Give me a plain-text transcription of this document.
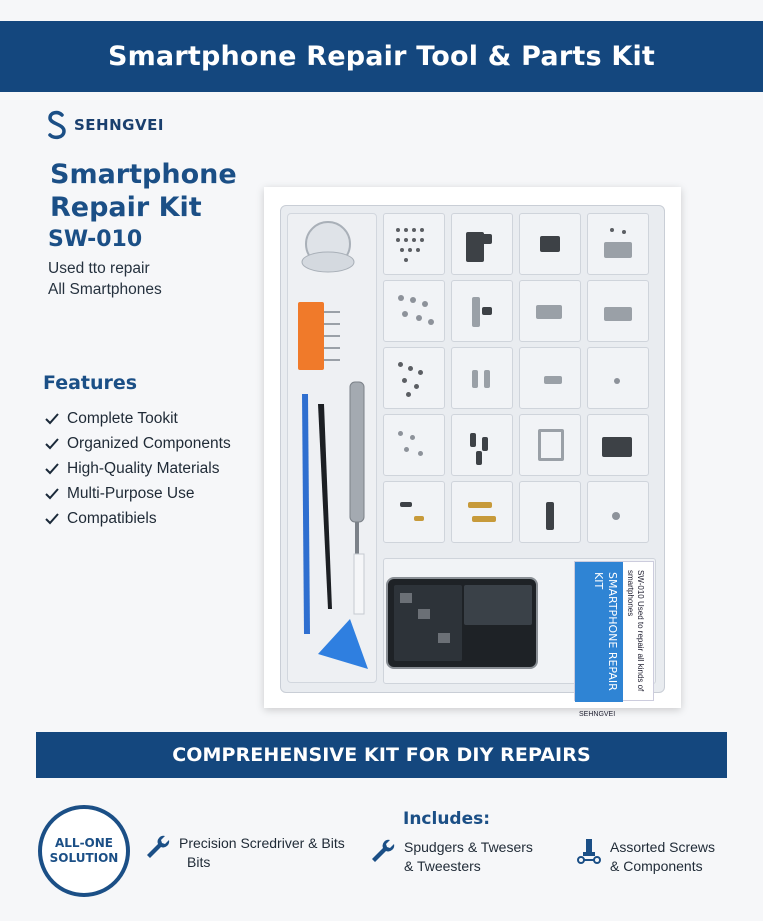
Smartphone Repair Tool & Parts Kit
SEHNGVEI
Smartphone
Repair Kit
SW-010
Used tto repair
All Smartphones
Features
Complete Tookit
Organized Components
High-Quality Materials
Multi-Purpose Use
Compatibiels
SMARTPHONE REPAIR KIT	SW-010 Used to repair all kinds of smartphones
SEHNGVEI
COMPREHENSIVE KIT FOR DIY REPAIRS
ALL-ONE
SOLUTION
Includes:
Precision Scredriver & Bits
Bits
Spudgers & Twesers
& Tweesters
Assorted Screws
& Components
